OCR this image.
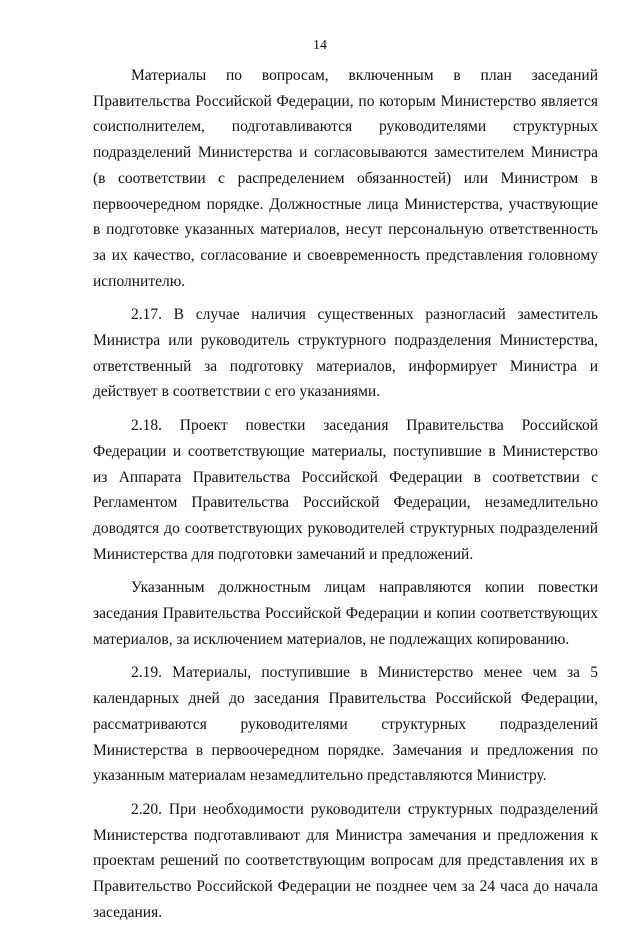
14

Материалы по вопросам, включенным в план заседаний Правительства Российской Федерации, по которым Министерство является соисполнителем, подготавливаются руководителями структурных подразделений Министерства и согласовываются заместителем Министра (в соответствии с распределением обязанностей) или Министром в первоочередном порядке. Должностные лица Министерства, участвующие в подготовке указанных материалов, несут персональную ответственность за их качество, согласование и своевременность представления головному исполнителю.

2.17. В случае наличия существенных разногласий заместитель Министра или руководитель структурного подразделения Министерства, ответственный за подготовку материалов, информирует Министра и действует в соответствии с его указаниями.

2.18. Проект повестки заседания Правительства Российской Федерации и соответствующие материалы, поступившие в Министерство из Аппарата Правительства Российской Федерации в соответствии с Регламентом Правительства Российской Федерации, незамедлительно доводятся до соответствующих руководителей структурных подразделений Министерства для подготовки замечаний и предложений.

Указанным должностным лицам направляются копии повестки заседания Правительства Российской Федерации и копии соответствующих материалов, за исключением материалов, не подлежащих копированию.

2.19. Материалы, поступившие в Министерство менее чем за 5 календарных дней до заседания Правительства Российской Федерации, рассматриваются руководителями структурных подразделений Министерства в первоочередном порядке. Замечания и предложения по указанным материалам незамедлительно представляются Министру.

2.20. При необходимости руководители структурных подразделений Министерства подготавливают для Министра замечания и предложения к проектам решений по соответствующим вопросам для представления их в Правительство Российской Федерации не позднее чем за 24 часа до начала заседания.
